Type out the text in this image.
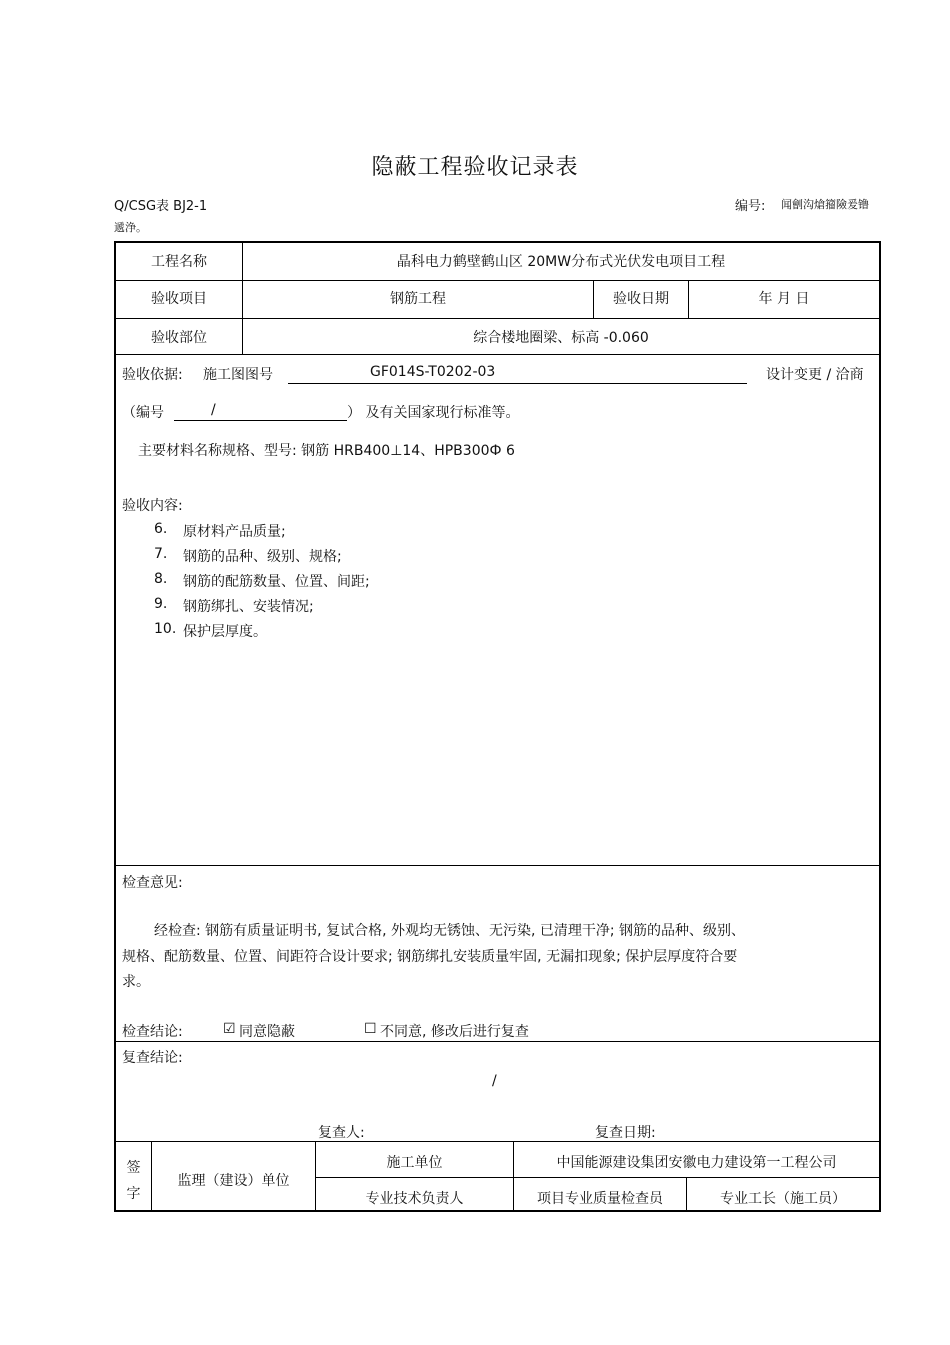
隐蔽工程验收记录表
Q/CSG表 BJ2-1
遞浄。
编号: 闻劊沟熗籀險爰镥
工程名称	晶科电力鹤壁鹤山区 20MW分布式光伏发电项目工程
验收项目	钢筋工程	验收日期	年 月 日
验收部位	综合楼地圈梁、标高 -0.060
验收依据: 施工图图号	GF014S-T0202-03	设计变更 / 洽商
（编号	/	） 及有关国家现行标准等。
主要材料名称规格、型号: 钢筋 HRB400⊥14、HPB300Ф 6
验收内容:
6. 原材料产品质量;
7. 钢筋的品种、级别、规格;
8. 钢筋的配筋数量、位置、间距;
9. 钢筋绑扎、安装情况;
10. 保护层厚度。
检查意见:
经检查: 钢筋有质量证明书, 复试合格, 外观均无锈蚀、无污染, 已清理干净; 钢筋的品种、级别、
规格、配筋数量、位置、间距符合设计要求; 钢筋绑扎安装质量牢固, 无漏扣现象; 保护层厚度符合要
求。
检查结论:	☑ 同意隐蔽	☐ 不同意, 修改后进行复查
复查结论:
/
复查人:	复查日期:
签
字
监理（建设）单位
施工单位	中国能源建设集团安徽电力建设第一工程公司
专业技术负责人	项目专业质量检查员	专业工长（施工员）
